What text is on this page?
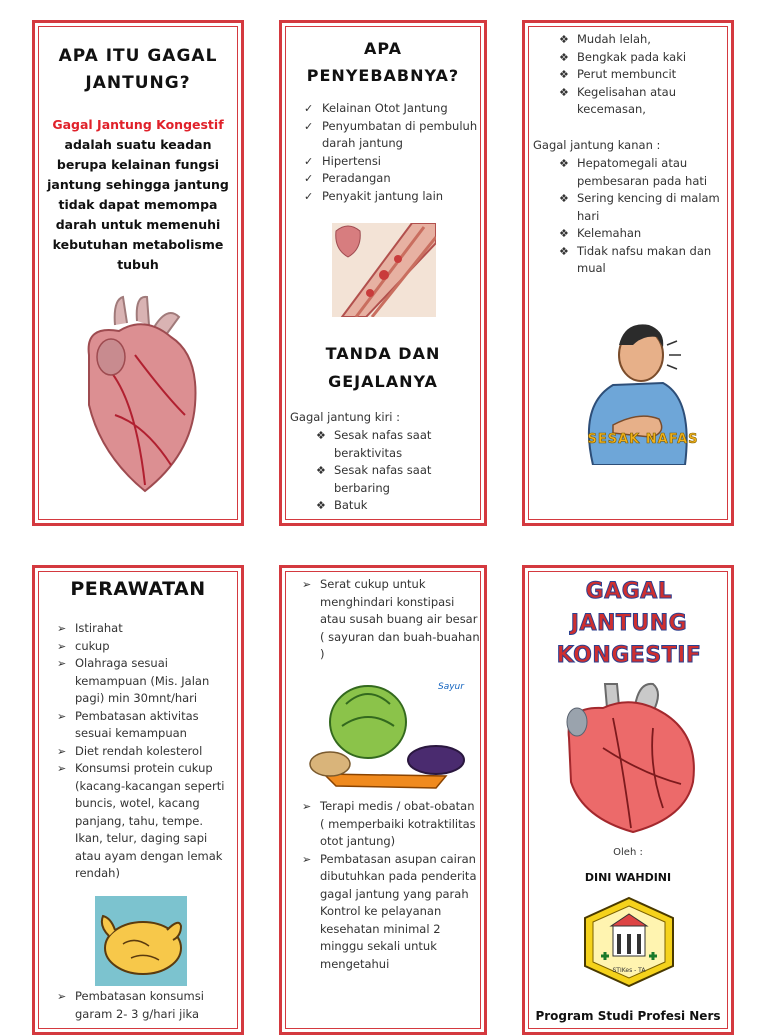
APA ITU GAGAL JANTUNG?
Gagal Jantung Kongestif adalah suatu keadan berupa kelainan fungsi jantung sehingga jantung tidak dapat memompa darah untuk memenuhi kebutuhan metabolisme tubuh
APA PENYEBABNYA?
✓ Kelainan Otot Jantung
✓ Penyumbatan di pembuluh darah jantung
✓ Hipertensi
✓ Peradangan
✓ Penyakit jantung lain
TANDA DAN GEJALANYA
Gagal jantung kiri :
❖ Sesak nafas saat beraktivitas
❖ Sesak nafas saat berbaring
❖ Batuk
❖ Mudah lelah,
❖ Bengkak pada kaki
❖ Perut membuncit
❖ Kegelisahan atau kecemasan,
Gagal jantung kanan :
❖ Hepatomegali atau pembesaran pada hati
❖ Sering kencing di malam hari
❖ Kelemahan
❖ Tidak nafsu makan dan mual
SESAK NAFAS
PERAWATAN
➢ Istirahat
➢ cukup
➢ Olahraga sesuai kemampuan (Mis. Jalan pagi) min 30mnt/hari
➢ Pembatasan aktivitas sesuai kemampuan
➢ Diet rendah kolesterol
➢ Konsumsi protein cukup (kacang-kacangan seperti buncis, wotel, kacang panjang, tahu, tempe. Ikan, telur, daging sapi atau ayam dengan lemak rendah)
➢ Pembatasan konsumsi garam 2- 3 g/hari jika
➢ Serat cukup untuk menghindari konstipasi atau susah buang air besar ( sayuran dan buah-buahan )
Sayur
➢ Terapi medis / obat-obatan ( memperbaiki kotraktilitas otot jantung)
➢ Pembatasan asupan cairan dibutuhkan pada penderita gagal jantung yang parah Kontrol ke pelayanan kesehatan minimal 2 minggu sekali untuk mengetahui
GAGAL JANTUNG
KONGESTIF
Oleh :
DINI WAHDINI
STIKes - TA
Program Studi Profesi Ners
